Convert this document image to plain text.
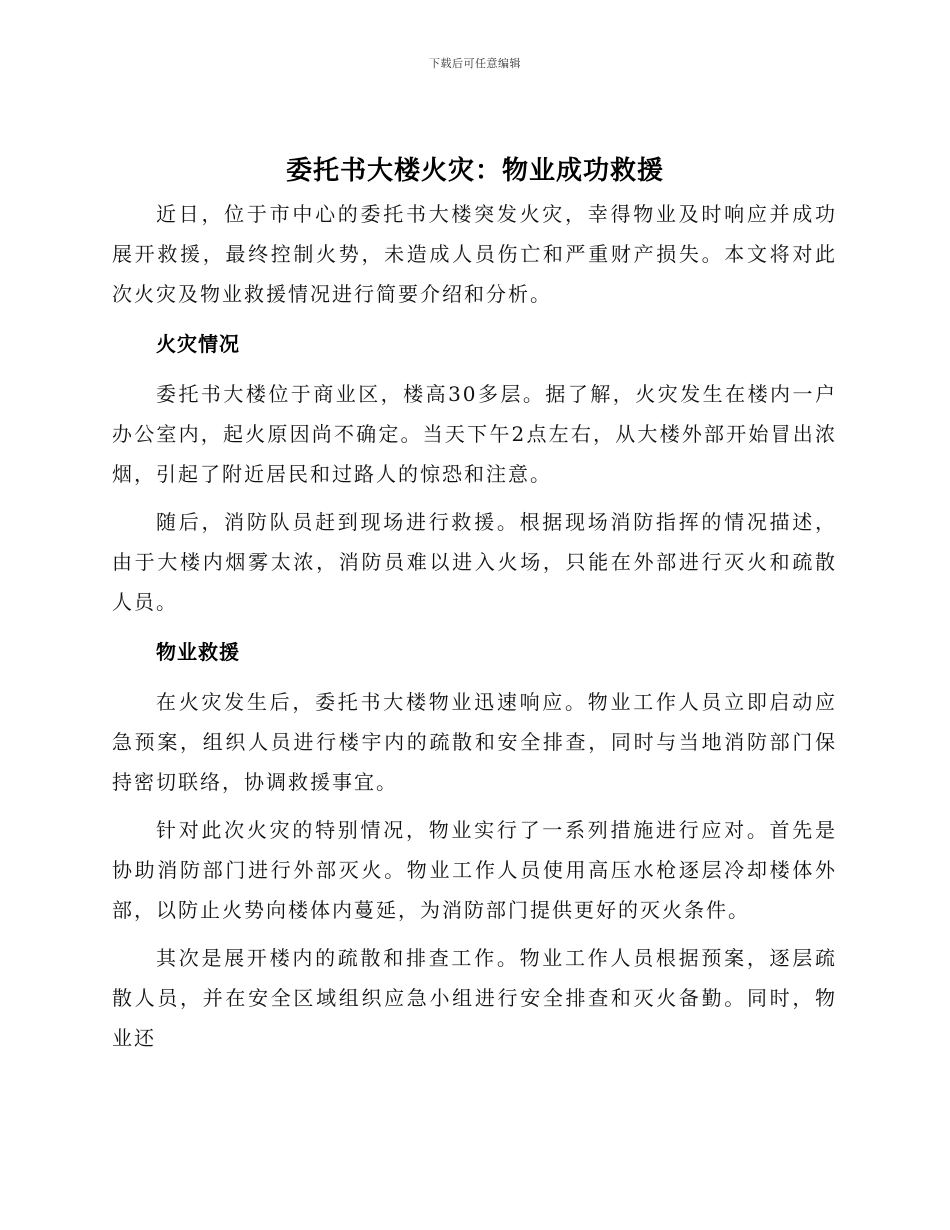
下载后可任意编辑
委托书大楼火灾：物业成功救援

近日，位于市中心的委托书大楼突发火灾，幸得物业及时响应并成功展开救援，最终控制火势，未造成人员伤亡和严重财产损失。本文将对此次火灾及物业救援情况进行简要介绍和分析。

火灾情况

委托书大楼位于商业区，楼高30多层。据了解，火灾发生在楼内一户办公室内，起火原因尚不确定。当天下午2点左右，从大楼外部开始冒出浓烟，引起了附近居民和过路人的惊恐和注意。

随后，消防队员赶到现场进行救援。根据现场消防指挥的情况描述，由于大楼内烟雾太浓，消防员难以进入火场，只能在外部进行灭火和疏散人员。

物业救援

在火灾发生后，委托书大楼物业迅速响应。物业工作人员立即启动应急预案，组织人员进行楼宇内的疏散和安全排查，同时与当地消防部门保持密切联络，协调救援事宜。

针对此次火灾的特别情况，物业实行了一系列措施进行应对。首先是协助消防部门进行外部灭火。物业工作人员使用高压水枪逐层冷却楼体外部，以防止火势向楼体内蔓延，为消防部门提供更好的灭火条件。

其次是展开楼内的疏散和排查工作。物业工作人员根据预案，逐层疏散人员，并在安全区域组织应急小组进行安全排查和灭火备勤。同时，物业还
